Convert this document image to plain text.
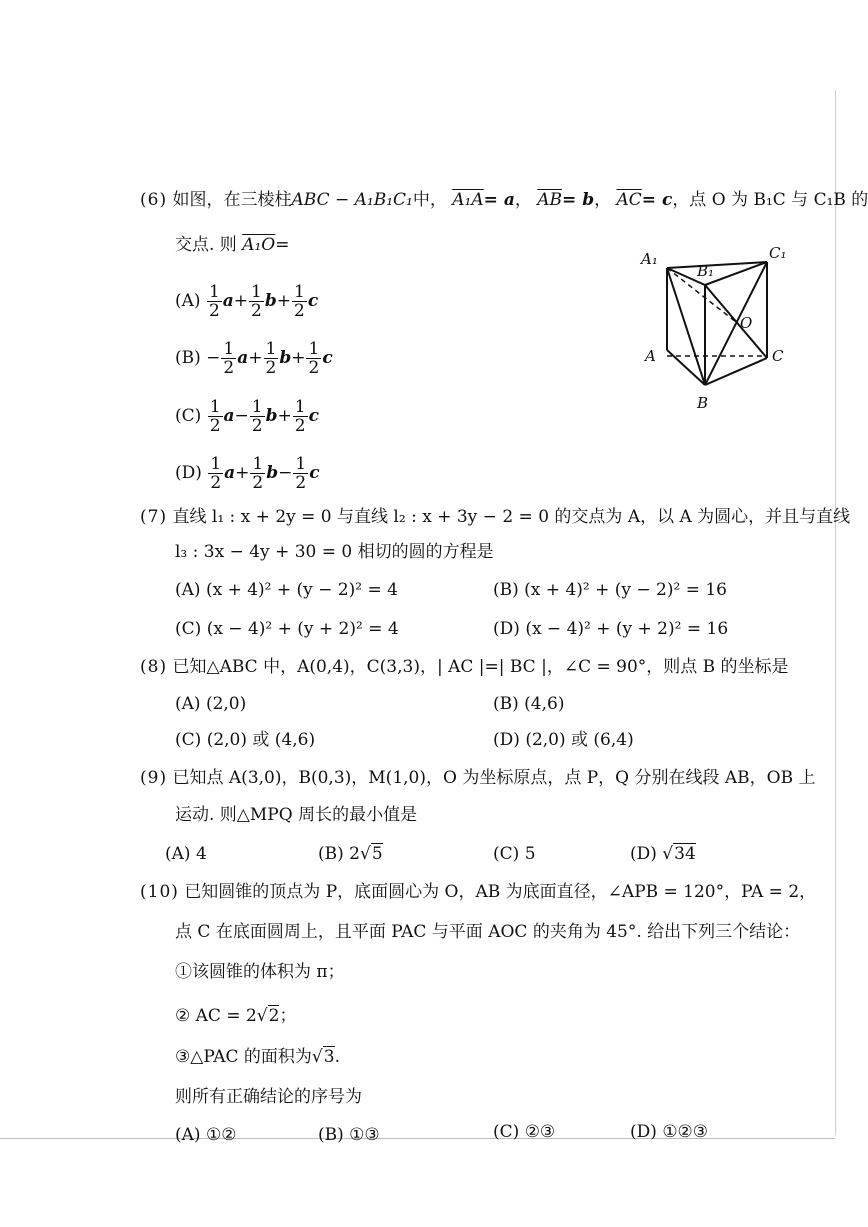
(6) 如图，在三棱柱ABC − A₁B₁C₁中， A₁A= a， $\overline{AB}= b$， $\overline{AC}= c$，点 O 为 B₁C 与 C₁B 的
交点. 则 A₁O=
$(A) \frac{1}{2} a+ \frac{1}{2} b+ \frac{1}{2}$ c
$(B) - \frac{1}{2} a+ \frac{1}{2} b+ \frac{1}{2}$ c
$(C) \frac{1}{2} a- \frac{1}{2} b+ \frac{1}{2}$ c
$(D) \frac{1}{2} a+ \frac{1}{2} b- \frac{1}{2}$ c
A₁
B₁
C₁
A
B
C
O
(7) 直线 l₁ : x + 2y = 0 与直线 l₂ : x + 3y − 2 = 0 的交点为 A，以 A 为圆心，并且与直线
l₃ : 3x − 4y + 30 = 0 相切的圆的方程是
(A) (x + 4)² + (y − 2)² = 4	(B) (x + 4)² + (y − 2)² = 16
(C) (x − 4)² + (y + 2)² = 4	(D) (x − 4)² + (y + 2)² = 16
(8) 已知△ABC 中，A(0,4)，C(3,3)，| AC |=| BC |，∠C = 90°，则点 B 的坐标是
(A) (2,0)	(B) (4,6)
(C) (2,0) 或 (4,6)	(D) (2,0) 或 (6,4)
(9) 已知点 A(3,0)，B(0,3)，M(1,0)，O 为坐标原点，点 P，Q 分别在线段 AB，OB 上
运动. 则△MPQ 周长的最小值是
(A) 4	(B) 2√5	(C) 5	(D) √34
(10) 已知圆锥的顶点为 P，底面圆心为 O，AB 为底面直径，∠APB = 120°，PA = 2，
点 C 在底面圆周上，且平面 PAC 与平面 AOC 的夹角为 45°. 给出下列三个结论：
①该圆锥的体积为 π；
② AC = 2√2；
③△PAC 的面积为√3.
则所有正确结论的序号为
(A) ①②	(B) ①③	(C) ②③	(D) ①②③
